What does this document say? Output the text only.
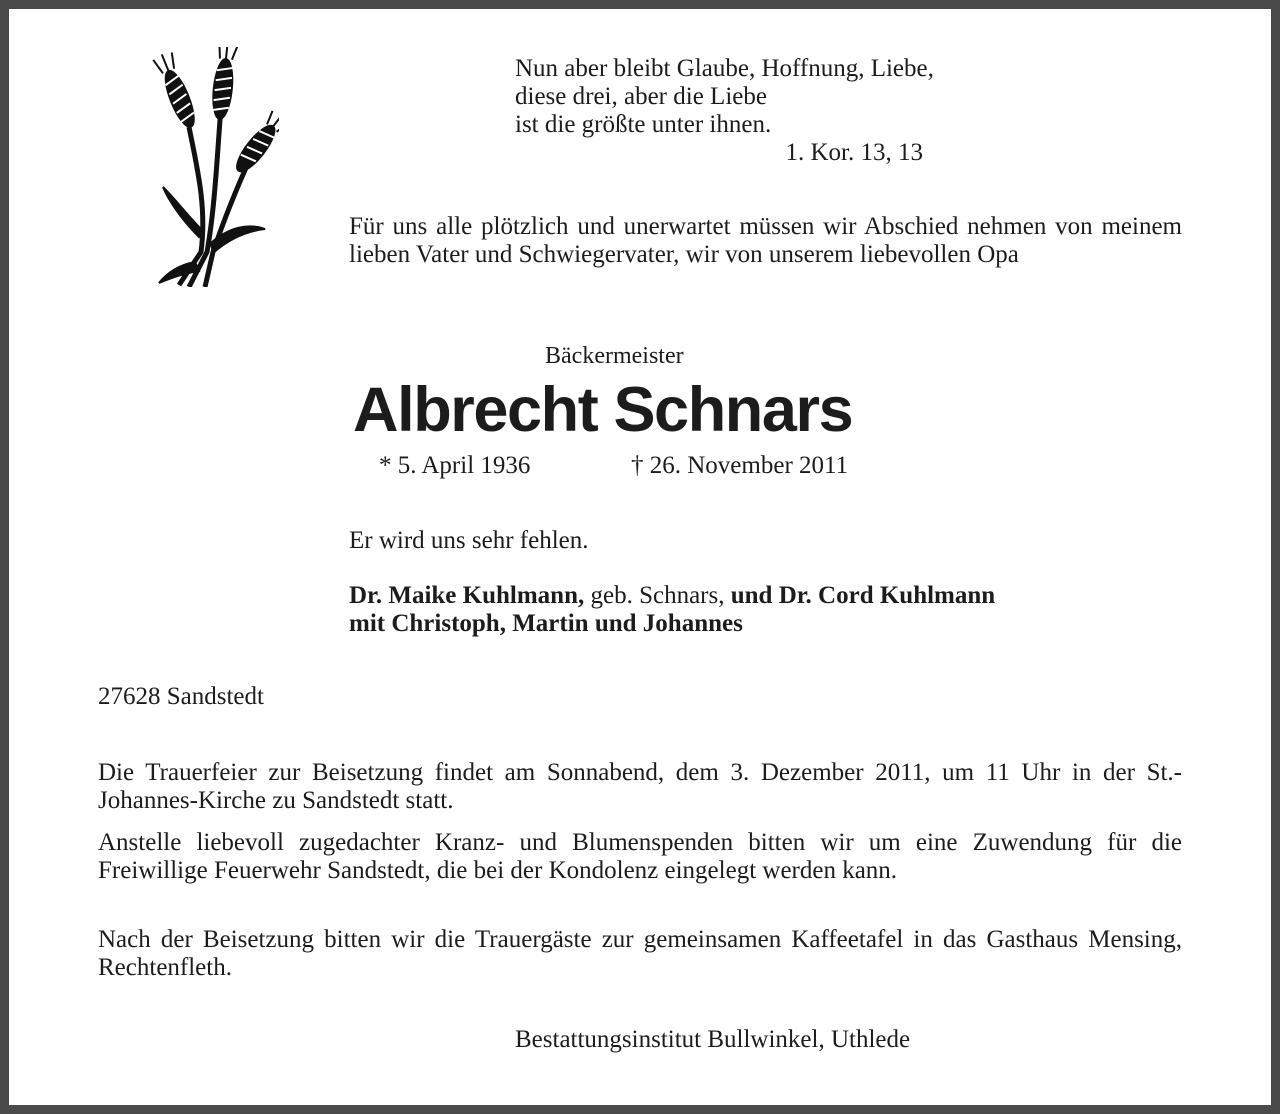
Nun aber bleibt Glaube, Hoffnung, Liebe,
diese drei, aber die Liebe
ist die größte unter ihnen.
1. Kor. 13, 13
Für uns alle plötzlich und unerwartet müssen wir Abschied nehmen von meinem lieben Vater und Schwiegervater, wir von unserem liebevollen Opa
Bäckermeister
Albrecht Schnars
* 5. April 1936	† 26. November 2011
Er wird uns sehr fehlen.
Dr. Maike Kuhlmann, geb. Schnars, und Dr. Cord Kuhlmann
mit Christoph, Martin und Johannes
27628 Sandstedt
Die Trauerfeier zur Beisetzung findet am Sonnabend, dem 3. Dezember 2011, um 11 Uhr in der St.-Johannes-Kirche zu Sandstedt statt.
Anstelle liebevoll zugedachter Kranz- und Blumenspenden bitten wir um eine Zuwendung für die Freiwillige Feuerwehr Sandstedt, die bei der Kondolenz eingelegt werden kann.
Nach der Beisetzung bitten wir die Trauergäste zur gemeinsamen Kaffeetafel in das Gasthaus Mensing, Rechtenfleth.
Bestattungsinstitut Bullwinkel, Uthlede
